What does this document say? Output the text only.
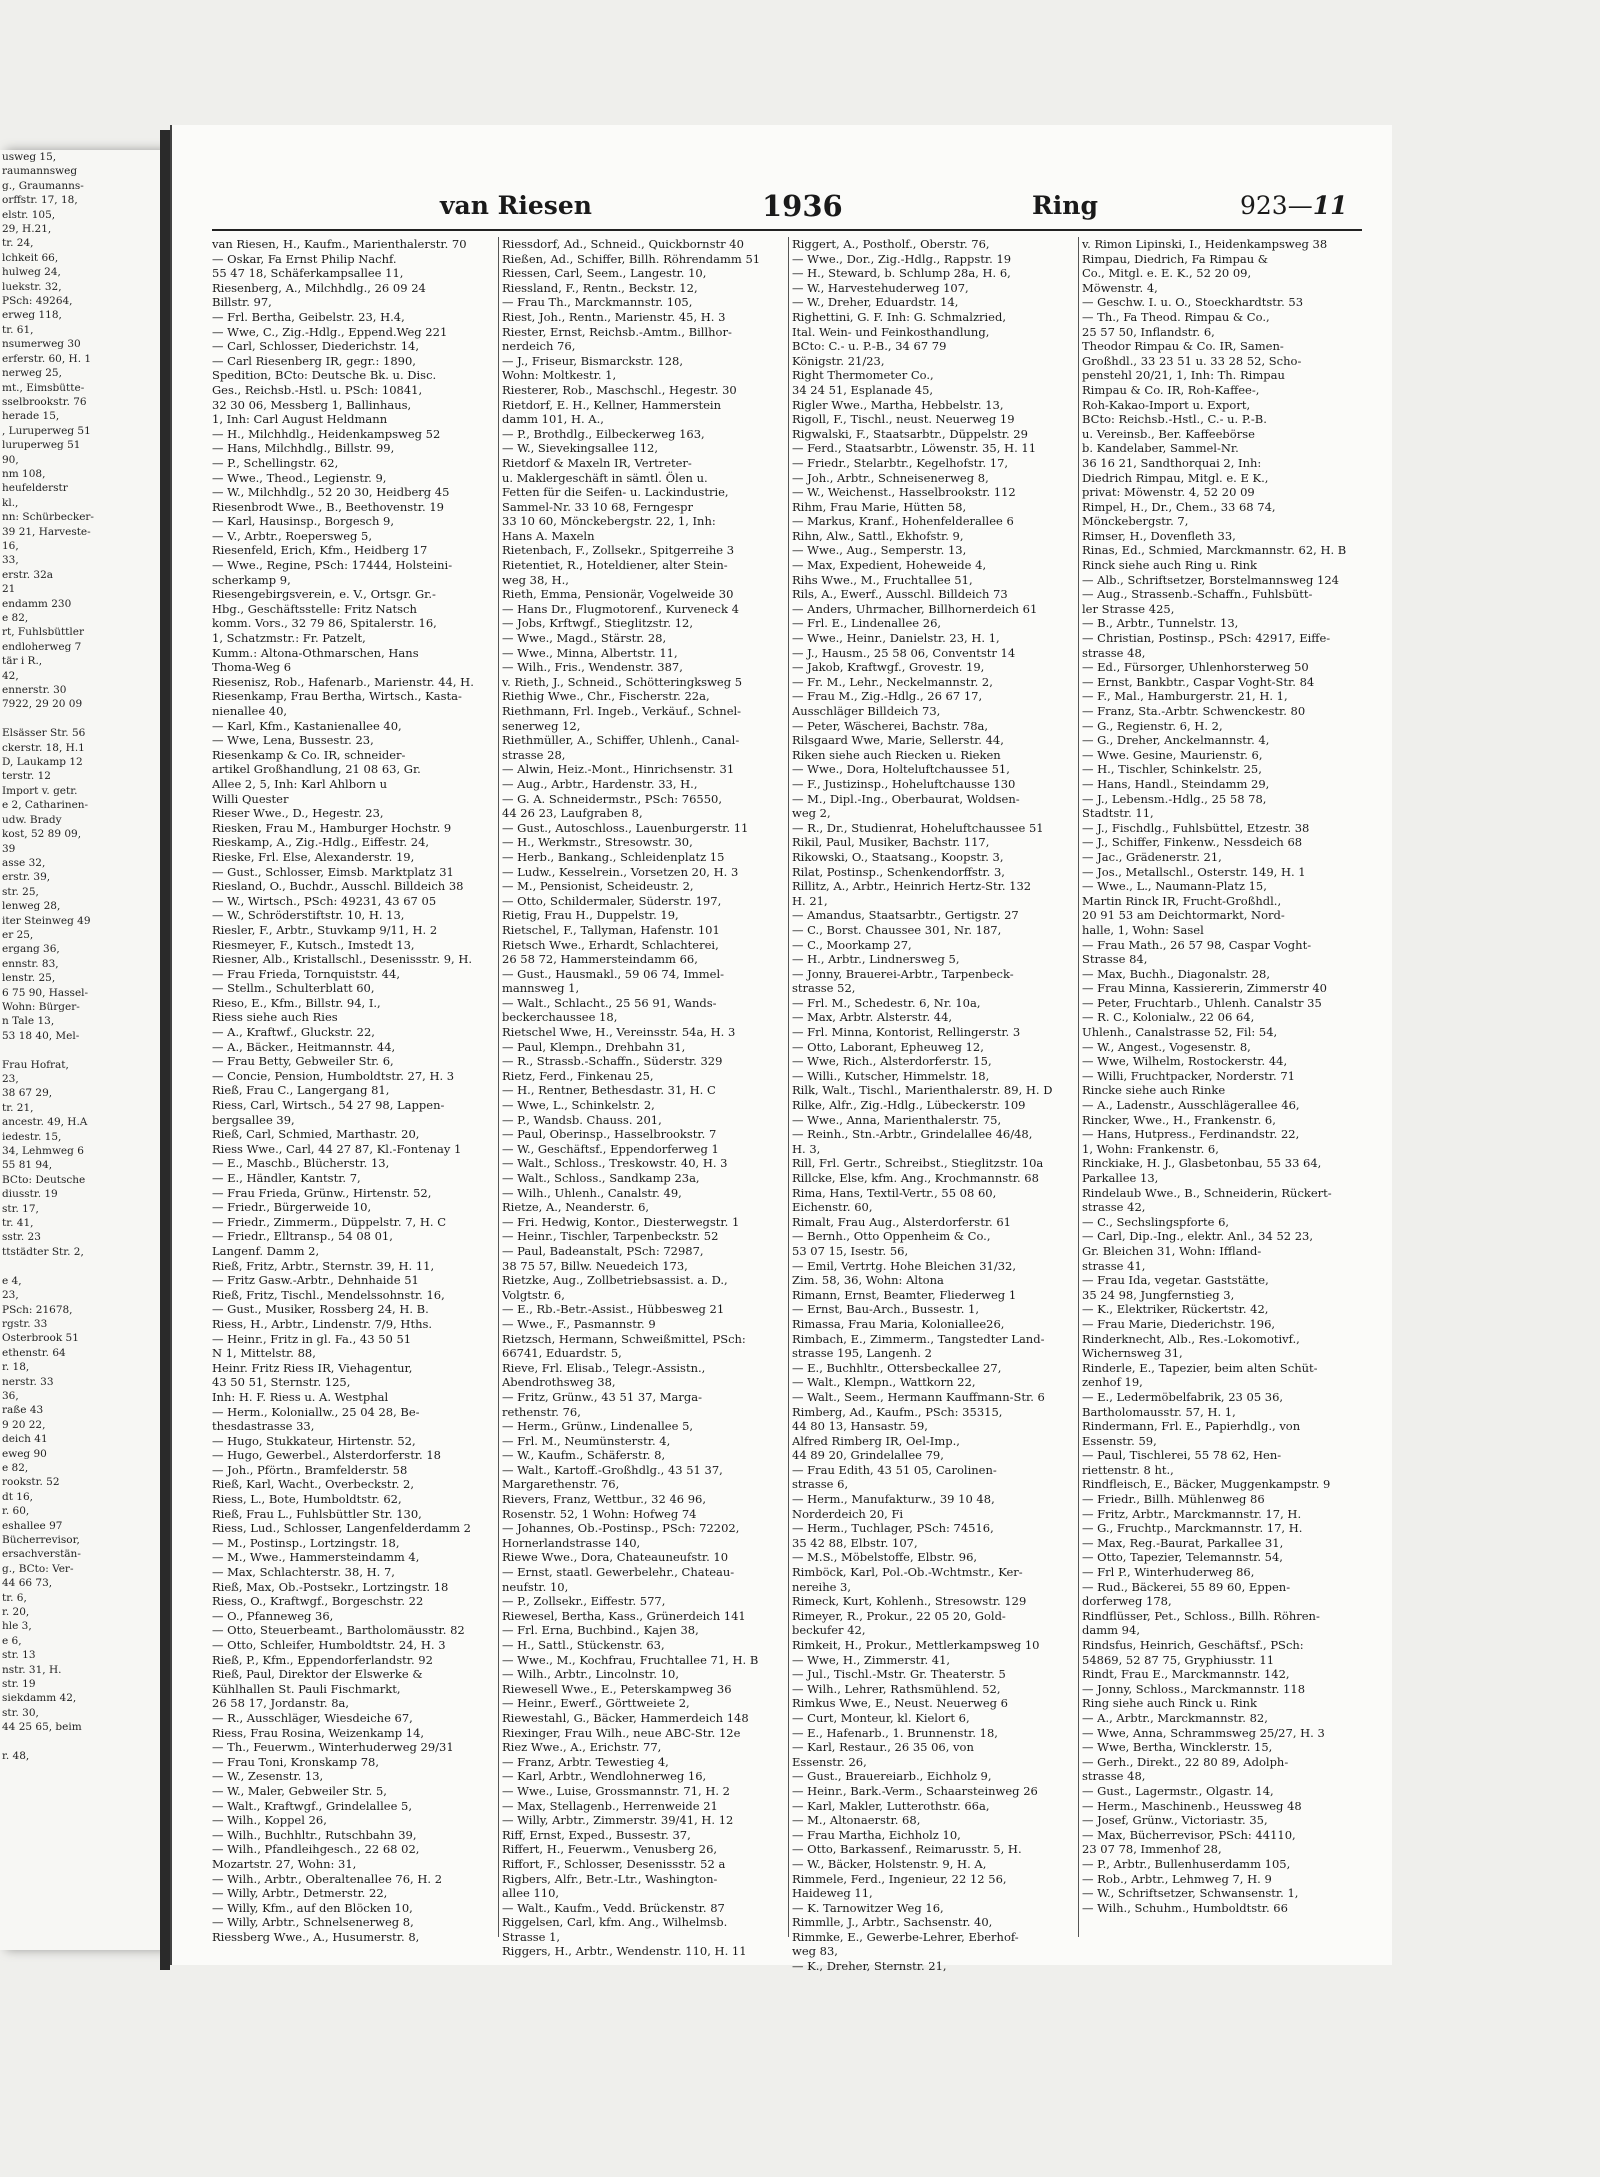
usweg 15,
raumannsweg
g., Graumanns-
orffstr. 17, 18,
elstr. 105,
29, H.21,
tr. 24,
lchkeit 66,
hulweg 24,
luekstr. 32,
PSch: 49264,
erweg 118,
tr. 61,
nsumerweg 30
erferstr. 60, H. 1
nerweg 25,
mt., Eimsbütte-
sselbrookstr. 76
herade 15,
, Luruperweg 51
luruperweg 51
90,
nm 108,
heufelderstr
kl.,
nn: Schürbecker-
39 21, Harveste-
16,
33,
erstr. 32a
21
endamm 230
e 82,
rt, Fuhlsbüttler
endloherweg 7
tär i R.,
42,
ennerstr. 30
7922, 29 20 09

Elsässer Str. 56
ckerstr. 18, H.1
D, Laukamp 12
terstr. 12
Import v. getr.
e 2, Catharinen-
udw. Brady
kost, 52 89 09,
39
asse 32,
erstr. 39,
str. 25,
lenweg 28,
iter Steinweg 49
er 25,
ergang 36,
ennstr. 83,
lenstr. 25,
6 75 90, Hassel-
Wohn: Bürger-
n Tale 13,
53 18 40, Mel-

Frau Hofrat,
23,
38 67 29,
tr. 21,
ancestr. 49, H.A
iedestr. 15,
34, Lehmweg 6
55 81 94,
BCto: Deutsche
diusstr. 19
str. 17,
tr. 41,
sstr. 23
ttstädter Str. 2,

e 4,
23,
PSch: 21678,
rgstr. 33
Osterbrook 51
ethenstr. 64
r. 18,
nerstr. 33
36,
raße 43
9 20 22,
deich 41
eweg 90
e 82,
rookstr. 52
dt 16,
r. 60,
eshallee 97
Bücherrevisor,
ersachverstän-
g., BCto: Ver-
44 66 73,
tr. 6,
r. 20,
hle 3,
e 6,
str. 13
nstr. 31, H.
str. 19
siekdamm 42,
str. 30,
44 25 65, beim

r. 48,
van Riesen	1936	Ring	923—11
van Riesen, H., Kaufm., Marienthalerstr. 70
— Oskar, Fa Ernst Philip Nachf.
55 47 18, Schäferkampsallee 11,
Riesenberg, A., Milchhdlg., 26 09 24
Billstr. 97,
— Frl. Bertha, Geibelstr. 23, H.4,
— Wwe, C., Zig.-Hdlg., Eppend.Weg 221
— Carl, Schlosser, Diederichstr. 14,
— Carl Riesenberg IR, gegr.: 1890,
Spedition, BCto: Deutsche Bk. u. Disc.
Ges., Reichsb.-Hstl. u. PSch: 10841,
32 30 06, Messberg 1, Ballinhaus,
1, Inh: Carl August Heldmann
— H., Milchhdlg., Heidenkampsweg 52
— Hans, Milchhdlg., Billstr. 99,
— P., Schellingstr. 62,
— Wwe., Theod., Legienstr. 9,
— W., Milchhdlg., 52 20 30, Heidberg 45
Riesenbrodt Wwe., B., Beethovenstr. 19
— Karl, Hausinsp., Borgesch 9,
— V., Arbtr., Roepersweg 5,
Riesenfeld, Erich, Kfm., Heidberg 17
— Wwe., Regine, PSch: 17444, Holsteini-
scherkamp 9,
Riesengebirgsverein, e. V., Ortsgr. Gr.-
Hbg., Geschäftsstelle: Fritz Natsch
komm. Vors., 32 79 86, Spitalerstr. 16,
1, Schatzmstr.: Fr. Patzelt,
Kumm.: Altona-Othmarschen, Hans
Thoma-Weg 6
Riesenisz, Rob., Hafenarb., Marienstr. 44, H.
Riesenkamp, Frau Bertha, Wirtsch., Kasta-
nienallee 40,
— Karl, Kfm., Kastanienallee 40,
— Wwe, Lena, Bussestr. 23,
Riesenkamp & Co. IR, schneider-
artikel Großhandlung, 21 08 63, Gr.
Allee 2, 5, Inh: Karl Ahlborn u
Willi Quester
Rieser Wwe., D., Hegestr. 23,
Riesken, Frau M., Hamburger Hochstr. 9
Rieskamp, A., Zig.-Hdlg., Eiffestr. 24,
Rieske, Frl. Else, Alexanderstr. 19,
— Gust., Schlosser, Eimsb. Marktplatz 31
Riesland, O., Buchdr., Ausschl. Billdeich 38
— W., Wirtsch., PSch: 49231, 43 67 05
— W., Schröderstiftstr. 10, H. 13,
Riesler, F., Arbtr., Stuvkamp 9/11, H. 2
Riesmeyer, F., Kutsch., Imstedt 13,
Riesner, Alb., Kristallschl., Desenissstr. 9, H.
— Frau Frieda, Tornquiststr. 44,
— Stellm., Schulterblatt 60,
Rieso, E., Kfm., Billstr. 94, I.,
Riess siehe auch Ries
— A., Kraftwf., Gluckstr. 22,
— A., Bäcker., Heitmannstr. 44,
— Frau Betty, Gebweiler Str. 6,
— Concie, Pension, Humboldtstr. 27, H. 3
Rieß, Frau C., Langergang 81,
Riess, Carl, Wirtsch., 54 27 98, Lappen-
bergsallee 39,
Rieß, Carl, Schmied, Marthastr. 20,
Riess Wwe., Carl, 44 27 87, Kl.-Fontenay 1
— E., Maschb., Blücherstr. 13,
— E., Händler, Kantstr. 7,
— Frau Frieda, Grünw., Hirtenstr. 52,
— Friedr., Bürgerweide 10,
— Friedr., Zimmerm., Düppelstr. 7, H. C
— Friedr., Elltransp., 54 08 01,
Langenf. Damm 2,
Rieß, Fritz, Arbtr., Sternstr. 39, H. 11,
— Fritz Gasw.-Arbtr., Dehnhaide 51
Rieß, Fritz, Tischl., Mendelssohnstr. 16,
— Gust., Musiker, Rossberg 24, H. B.
Riess, H., Arbtr., Lindenstr. 7/9, Hths.
— Heinr., Fritz in gl. Fa., 43 50 51
N 1, Mittelstr. 88,
Heinr. Fritz Riess IR, Viehagentur,
43 50 51, Sternstr. 125,
Inh: H. F. Riess u. A. Westphal
— Herm., Koloniallw., 25 04 28, Be-
thesdastrasse 33,
— Hugo, Stukkateur, Hirtenstr. 52,
— Hugo, Gewerbel., Alsterdorferstr. 18
— Joh., Pförtn., Bramfelderstr. 58
Rieß, Karl, Wacht., Overbeckstr. 2,
Riess, L., Bote, Humboldtstr. 62,
Rieß, Frau L., Fuhlsbüttler Str. 130,
Riess, Lud., Schlosser, Langenfelderdamm 2
— M., Postinsp., Lortzingstr. 18,
— M., Wwe., Hammersteindamm 4,
— Max, Schlachterstr. 38, H. 7,
Rieß, Max, Ob.-Postsekr., Lortzingstr. 18
Riess, O., Kraftwgf., Borgeschstr. 22
— O., Pfanneweg 36,
— Otto, Steuerbeamt., Bartholomäusstr. 82
— Otto, Schleifer, Humboldtstr. 24, H. 3
Rieß, P., Kfm., Eppendorferlandstr. 92
Rieß, Paul, Direktor der Elswerke &
Kühlhallen St. Pauli Fischmarkt,
26 58 17, Jordanstr. 8a,
— R., Ausschläger, Wiesdeiche 67,
Riess, Frau Rosina, Weizenkamp 14,
— Th., Feuerwm., Winterhuderweg 29/31
— Frau Toni, Kronskamp 78,
— W., Zesenstr. 13,
— W., Maler, Gebweiler Str. 5,
— Walt., Kraftwgf., Grindelallee 5,
— Wilh., Koppel 26,
— Wilh., Buchhltr., Rutschbahn 39,
— Wilh., Pfandleihgesch., 22 68 02,
Mozartstr. 27, Wohn: 31,
— Wilh., Arbtr., Oberaltenallee 76, H. 2
— Willy, Arbtr., Detmerstr. 22,
— Willy, Kfm., auf den Blöcken 10,
— Willy, Arbtr., Schnelsenerweg 8,
Riessberg Wwe., A., Husumerstr. 8,
Riessdorf, Ad., Schneid., Quickbornstr 40
Rießen, Ad., Schiffer, Billh. Röhrendamm 51
Riessen, Carl, Seem., Langestr. 10,
Riessland, F., Rentn., Beckstr. 12,
— Frau Th., Marckmannstr. 105,
Riest, Joh., Rentn., Marienstr. 45, H. 3
Riester, Ernst, Reichsb.-Amtm., Billhor-
nerdeich 76,
— J., Friseur, Bismarckstr. 128,
Wohn: Moltkestr. 1,
Riesterer, Rob., Maschschl., Hegestr. 30
Rietdorf, E. H., Kellner, Hammerstein
damm 101, H. A.,
— P., Brothdlg., Eilbeckerweg 163,
— W., Sievekingsallee 112,
Rietdorf & Maxeln IR, Vertreter-
u. Maklergeschäft in sämtl. Ölen u.
Fetten für die Seifen- u. Lackindustrie,
Sammel-Nr. 33 10 68, Ferngespr
33 10 60, Mönckebergstr. 22, 1, Inh:
Hans A. Maxeln
Rietenbach, F., Zollsekr., Spitgerreihe 3
Rietentiet, R., Hoteldiener, alter Stein-
weg 38, H.,
Rieth, Emma, Pensionär, Vogelweide 30
— Hans Dr., Flugmotorenf., Kurveneck 4
— Jobs, Krftwgf., Stieglitzstr. 12,
— Wwe., Magd., Stärstr. 28,
— Wwe., Minna, Albertstr. 11,
— Wilh., Fris., Wendenstr. 387,
v. Rieth, J., Schneid., Schötteringksweg 5
Riethig Wwe., Chr., Fischerstr. 22a,
Riethmann, Frl. Ingeb., Verkäuf., Schnel-
senerweg 12,
Riethmüller, A., Schiffer, Uhlenh., Canal-
strasse 28,
— Alwin, Heiz.-Mont., Hinrichsenstr. 31
— Aug., Arbtr., Hardenstr. 33, H.,
— G. A. Schneidermstr., PSch: 76550,
44 26 23, Laufgraben 8,
— Gust., Autoschloss., Lauenburgerstr. 11
— H., Werkmstr., Stresowstr. 30,
— Herb., Bankang., Schleidenplatz 15
— Ludw., Kesselrein., Vorsetzen 20, H. 3
— M., Pensionist, Scheideustr. 2,
— Otto, Schildermaler, Süderstr. 197,
Rietig, Frau H., Duppelstr. 19,
Rietschel, F., Tallyman, Hafenstr. 101
Rietsch Wwe., Erhardt, Schlachterei,
26 58 72, Hammersteindamm 66,
— Gust., Hausmakl., 59 06 74, Immel-
mannsweg 1,
— Walt., Schlacht., 25 56 91, Wands-
beckerchaussee 18,
Rietschel Wwe, H., Vereinsstr. 54a, H. 3
— Paul, Klempn., Drehbahn 31,
— R., Strassb.-Schaffn., Süderstr. 329
Rietz, Ferd., Finkenau 25,
— H., Rentner, Bethesdastr. 31, H. C
— Wwe, L., Schinkelstr. 2,
— P., Wandsb. Chauss. 201,
— Paul, Oberinsp., Hasselbrookstr. 7
— W., Geschäftsf., Eppendorferweg 1
— Walt., Schloss., Treskowstr. 40, H. 3
— Walt., Schloss., Sandkamp 23a,
— Wilh., Uhlenh., Canalstr. 49,
Rietze, A., Neanderstr. 6,
— Fri. Hedwig, Kontor., Diesterwegstr. 1
— Heinr., Tischler, Tarpenbeckstr. 52
— Paul, Badeanstalt, PSch: 72987,
38 75 57, Billw. Neuedeich 173,
Rietzke, Aug., Zollbetriebsassist. a. D.,
Volgtstr. 6,
— E., Rb.-Betr.-Assist., Hübbesweg 21
— Wwe., F., Pasmannstr. 9
Rietzsch, Hermann, Schweißmittel, PSch:
66741, Eduardstr. 5,
Rieve, Frl. Elisab., Telegr.-Assistn.,
Abendrothsweg 38,
— Fritz, Grünw., 43 51 37, Marga-
rethenstr. 76,
— Herm., Grünw., Lindenallee 5,
— Frl. M., Neumünsterstr. 4,
— W., Kaufm., Schäferstr. 8,
— Walt., Kartoff.-Großhdlg., 43 51 37,
Margarethenstr. 76,
Rievers, Franz, Wettbur., 32 46 96,
Rosenstr. 52, 1 Wohn: Hofweg 74
— Johannes, Ob.-Postinsp., PSch: 72202,
Hornerlandstrasse 140,
Riewe Wwe., Dora, Chateauneufstr. 10
— Ernst, staatl. Gewerbelehr., Chateau-
neufstr. 10,
— P., Zollsekr., Eiffestr. 577,
Riewesel, Bertha, Kass., Grünerdeich 141
— Frl. Erna, Buchbind., Kajen 38,
— H., Sattl., Stückenstr. 63,
— Wwe., M., Kochfrau, Fruchtallee 71, H. B
— Wilh., Arbtr., Lincolnstr. 10,
Riewesell Wwe., E., Peterskampweg 36
— Heinr., Ewerf., Görttweiete 2,
Riewestahl, G., Bäcker, Hammerdeich 148
Riexinger, Frau Wilh., neue ABC-Str. 12e
Riez Wwe., A., Erichstr. 77,
— Franz, Arbtr. Tewestieg 4,
— Karl, Arbtr., Wendlohnerweg 16,
— Wwe., Luise, Grossmannstr. 71, H. 2
— Max, Stellagenb., Herrenweide 21
— Willy, Arbtr., Zimmerstr. 39/41, H. 12
Riff, Ernst, Exped., Bussestr. 37,
Riffert, H., Feuerwm., Venusberg 26,
Riffort, F., Schlosser, Desenissstr. 52 a
Rigbers, Alfr., Betr.-Ltr., Washington-
allee 110,
— Walt., Kaufm., Vedd. Brückenstr. 87
Riggelsen, Carl, kfm. Ang., Wilhelmsb.
Strasse 1,
Riggers, H., Arbtr., Wendenstr. 110, H. 11
Riggert, A., Postholf., Oberstr. 76,
— Wwe., Dor., Zig.-Hdlg., Rappstr. 19
— H., Steward, b. Schlump 28a, H. 6,
— W., Harvestehuderweg 107,
— W., Dreher, Eduardstr. 14,
Righettini, G. F. Inh: G. Schmalzried,
Ital. Wein- und Feinkosthandlung,
BCto: C.- u. P.-B., 34 67 79
Königstr. 21/23,
Right Thermometer Co.,
34 24 51, Esplanade 45,
Rigler Wwe., Martha, Hebbelstr. 13,
Rigoll, F., Tischl., neust. Neuerweg 19
Rigwalski, F., Staatsarbtr., Düppelstr. 29
— Ferd., Staatsarbtr., Löwenstr. 35, H. 11
— Friedr., Stelarbtr., Kegelhofstr. 17,
— Joh., Arbtr., Schneisenerweg 8,
— W., Weichenst., Hasselbrookstr. 112
Rihm, Frau Marie, Hütten 58,
— Markus, Kranf., Hohenfelderallee 6
Rihn, Alw., Sattl., Ekhofstr. 9,
— Wwe., Aug., Semperstr. 13,
— Max, Expedient, Hoheweide 4,
Rihs Wwe., M., Fruchtallee 51,
Rils, A., Ewerf., Ausschl. Billdeich 73
— Anders, Uhrmacher, Billhornerdeich 61
— Frl. E., Lindenallee 26,
— Wwe., Heinr., Danielstr. 23, H. 1,
— J., Hausm., 25 58 06, Conventstr 14
— Jakob, Kraftwgf., Grovestr. 19,
— Fr. M., Lehr., Neckelmannstr. 2,
— Frau M., Zig.-Hdlg., 26 67 17,
Ausschläger Billdeich 73,
— Peter, Wäscherei, Bachstr. 78a,
Rilsgaard Wwe, Marie, Sellerstr. 44,
Riken siehe auch Riecken u. Rieken
— Wwe., Dora, Holteluftchaussee 51,
— F., Justizinsp., Hoheluftchausse 130
— M., Dipl.-Ing., Oberbaurat, Woldsen-
weg 2,
— R., Dr., Studienrat, Hoheluftchaussee 51
Rikil, Paul, Musiker, Bachstr. 117,
Rikowski, O., Staatsang., Koopstr. 3,
Rilat, Postinsp., Schenkendorffstr. 3,
Rillitz, A., Arbtr., Heinrich Hertz-Str. 132
H. 21,
— Amandus, Staatsarbtr., Gertigstr. 27
— C., Borst. Chaussee 301, Nr. 187,
— C., Moorkamp 27,
— H., Arbtr., Lindnersweg 5,
— Jonny, Brauerei-Arbtr., Tarpenbeck-
strasse 52,
— Frl. M., Schedestr. 6, Nr. 10a,
— Max, Arbtr. Alsterstr. 44,
— Frl. Minna, Kontorist, Rellingerstr. 3
— Otto, Laborant, Epheuweg 12,
— Wwe, Rich., Alsterdorferstr. 15,
— Willi., Kutscher, Himmelstr. 18,
Rilk, Walt., Tischl., Marienthalerstr. 89, H. D
Rilke, Alfr., Zig.-Hdlg., Lübeckerstr. 109
— Wwe., Anna, Marienthalerstr. 75,
— Reinh., Stn.-Arbtr., Grindelallee 46/48,
H. 3,
Rill, Frl. Gertr., Schreibst., Stieglitzstr. 10a
Rillcke, Else, kfm. Ang., Krochmannstr. 68
Rima, Hans, Textil-Vertr., 55 08 60,
Eichenstr. 60,
Rimalt, Frau Aug., Alsterdorferstr. 61
— Bernh., Otto Oppenheim & Co.,
53 07 15, Isestr. 56,
— Emil, Vertrtg. Hohe Bleichen 31/32,
Zim. 58, 36, Wohn: Altona
Rimann, Ernst, Beamter, Fliederweg 1
— Ernst, Bau-Arch., Bussestr. 1,
Rimassa, Frau Maria, Koloniallee26,
Rimbach, E., Zimmerm., Tangstedter Land-
strasse 195, Langenh. 2
— E., Buchhltr., Ottersbeckallee 27,
— Walt., Klempn., Wattkorn 22,
— Walt., Seem., Hermann Kauffmann-Str. 6
Rimberg, Ad., Kaufm., PSch: 35315,
44 80 13, Hansastr. 59,
Alfred Rimberg IR, Oel-Imp.,
44 89 20, Grindelallee 79,
— Frau Edith, 43 51 05, Carolinen-
strasse 6,
— Herm., Manufakturw., 39 10 48,
Norderdeich 20, Fi
— Herm., Tuchlager, PSch: 74516,
35 42 88, Elbstr. 107,
— M.S., Möbelstoffe, Elbstr. 96,
Rimböck, Karl, Pol.-Ob.-Wchtmstr., Ker-
nereihe 3,
Rimeck, Kurt, Kohlenh., Stresowstr. 129
Rimeyer, R., Prokur., 22 05 20, Gold-
beckufer 42,
Rimkeit, H., Prokur., Mettlerkampsweg 10
— Wwe, H., Zimmerstr. 41,
— Jul., Tischl.-Mstr. Gr. Theaterstr. 5
— Wilh., Lehrer, Rathsmühlend. 52,
Rimkus Wwe, E., Neust. Neuerweg 6
— Curt, Monteur, kl. Kielort 6,
— E., Hafenarb., 1. Brunnenstr. 18,
— Karl, Restaur., 26 35 06, von
Essenstr. 26,
— Gust., Brauereiarb., Eichholz 9,
— Heinr., Bark.-Verm., Schaarsteinweg 26
— Karl, Makler, Lutterothstr. 66a,
— M., Altonaerstr. 68,
— Frau Martha, Eichholz 10,
— Otto, Barkassenf., Reimarusstr. 5, H.
— W., Bäcker, Holstenstr. 9, H. A,
Rimmele, Ferd., Ingenieur, 22 12 56,
Haideweg 11,
— K. Tarnowitzer Weg 16,
Rimmlle, J., Arbtr., Sachsenstr. 40,
Rimmke, E., Gewerbe-Lehrer, Eberhof-
weg 83,
— K., Dreher, Sternstr. 21,
v. Rimon Lipinski, I., Heidenkampsweg 38
Rimpau, Diedrich, Fa Rimpau &
Co., Mitgl. e. E. K., 52 20 09,
Möwenstr. 4,
— Geschw. I. u. O., Stoeckhardtstr. 53
— Th., Fa Theod. Rimpau & Co.,
25 57 50, Inflandstr. 6,
Theodor Rimpau & Co. IR, Samen-
Großhdl., 33 23 51 u. 33 28 52, Scho-
penstehl 20/21, 1, Inh: Th. Rimpau
Rimpau & Co. IR, Roh-Kaffee-,
Roh-Kakao-Import u. Export,
BCto: Reichsb.-Hstl., C.- u. P.-B.
u. Vereinsb., Ber. Kaffeebörse
b. Kandelaber, Sammel-Nr.
36 16 21, Sandthorquai 2, Inh:
Diedrich Rimpau, Mitgl. e. E K.,
privat: Möwenstr. 4, 52 20 09
Rimpel, H., Dr., Chem., 33 68 74,
Mönckebergstr. 7,
Rimser, H., Dovenfleth 33,
Rinas, Ed., Schmied, Marckmannstr. 62, H. B
Rinck siehe auch Ring u. Rink
— Alb., Schriftsetzer, Borstelmannsweg 124
— Aug., Strassenb.-Schaffn., Fuhlsbütt-
ler Strasse 425,
— B., Arbtr., Tunnelstr. 13,
— Christian, Postinsp., PSch: 42917, Eiffe-
strasse 48,
— Ed., Fürsorger, Uhlenhorsterweg 50
— Ernst, Bankbtr., Caspar Voght-Str. 84
— F., Mal., Hamburgerstr. 21, H. 1,
— Franz, Sta.-Arbtr. Schwenckestr. 80
— G., Regienstr. 6, H. 2,
— G., Dreher, Anckelmannstr. 4,
— Wwe. Gesine, Maurienstr. 6,
— H., Tischler, Schinkelstr. 25,
— Hans, Handl., Steindamm 29,
— J., Lebensm.-Hdlg., 25 58 78,
Stadtstr. 11,
— J., Fischdlg., Fuhlsbüttel, Etzestr. 38
— J., Schiffer, Finkenw., Nessdeich 68
— Jac., Grädenerstr. 21,
— Jos., Metallschl., Osterstr. 149, H. 1
— Wwe., L., Naumann-Platz 15,
Martin Rinck IR, Frucht-Großhdl.,
20 91 53 am Deichtormarkt, Nord-
halle, 1, Wohn: Sasel
— Frau Math., 26 57 98, Caspar Voght-
Strasse 84,
— Max, Buchh., Diagonalstr. 28,
— Frau Minna, Kassiererin, Zimmerstr 40
— Peter, Fruchtarb., Uhlenh. Canalstr 35
— R. C., Kolonialw., 22 06 64,
Uhlenh., Canalstrasse 52, Fil: 54,
— W., Angest., Vogesenstr. 8,
— Wwe, Wilhelm, Rostockerstr. 44,
— Willi, Fruchtpacker, Norderstr. 71
Rincke siehe auch Rinke
— A., Ladenstr., Ausschlägerallee 46,
Rincker, Wwe., H., Frankenstr. 6,
— Hans, Hutpress., Ferdinandstr. 22,
1, Wohn: Frankenstr. 6,
Rinckiake, H. J., Glasbetonbau, 55 33 64,
Parkallee 13,
Rindelaub Wwe., B., Schneiderin, Rückert-
strasse 42,
— C., Sechslingspforte 6,
— Carl, Dip.-Ing., elektr. Anl., 34 52 23,
Gr. Bleichen 31, Wohn: Iffland-
strasse 41,
— Frau Ida, vegetar. Gaststätte,
35 24 98, Jungfernstieg 3,
— K., Elektriker, Rückertstr. 42,
— Frau Marie, Diederichstr. 196,
Rinderknecht, Alb., Res.-Lokomotivf.,
Wichernsweg 31,
Rinderle, E., Tapezier, beim alten Schüt-
zenhof 19,
— E., Ledermöbelfabrik, 23 05 36,
Bartholomausstr. 57, H. 1,
Rindermann, Frl. E., Papierhdlg., von
Essenstr. 59,
— Paul, Tischlerei, 55 78 62, Hen-
riettenstr. 8 ht.,
Rindfleisch, E., Bäcker, Muggenkampstr. 9
— Friedr., Billh. Mühlenweg 86
— Fritz, Arbtr., Marckmannstr. 17, H.
— G., Fruchtp., Marckmannstr. 17, H.
— Max, Reg.-Baurat, Parkallee 31,
— Otto, Tapezier, Telemannstr. 54,
— Frl P., Winterhuderweg 86,
— Rud., Bäckerei, 55 89 60, Eppen-
dorferweg 178,
Rindflüsser, Pet., Schloss., Billh. Röhren-
damm 94,
Rindsfus, Heinrich, Geschäftsf., PSch:
54869, 52 87 75, Gryphiusstr. 11
Rindt, Frau E., Marckmannstr. 142,
— Jonny, Schloss., Marckmannstr. 118
Ring siehe auch Rinck u. Rink
— A., Arbtr., Marckmannstr. 82,
— Wwe, Anna, Schrammsweg 25/27, H. 3
— Wwe, Bertha, Wincklerstr. 15,
— Gerh., Direkt., 22 80 89, Adolph-
strasse 48,
— Gust., Lagermstr., Olgastr. 14,
— Herm., Maschinenb., Heussweg 48
— Josef, Grünw., Victoriastr. 35,
— Max, Bücherrevisor, PSch: 44110,
23 07 78, Immenhof 28,
— P., Arbtr., Bullenhuserdamm 105,
— Rob., Arbtr., Lehmweg 7, H. 9
— W., Schriftsetzer, Schwansenstr. 1,
— Wilh., Schuhm., Humboldtstr. 66
